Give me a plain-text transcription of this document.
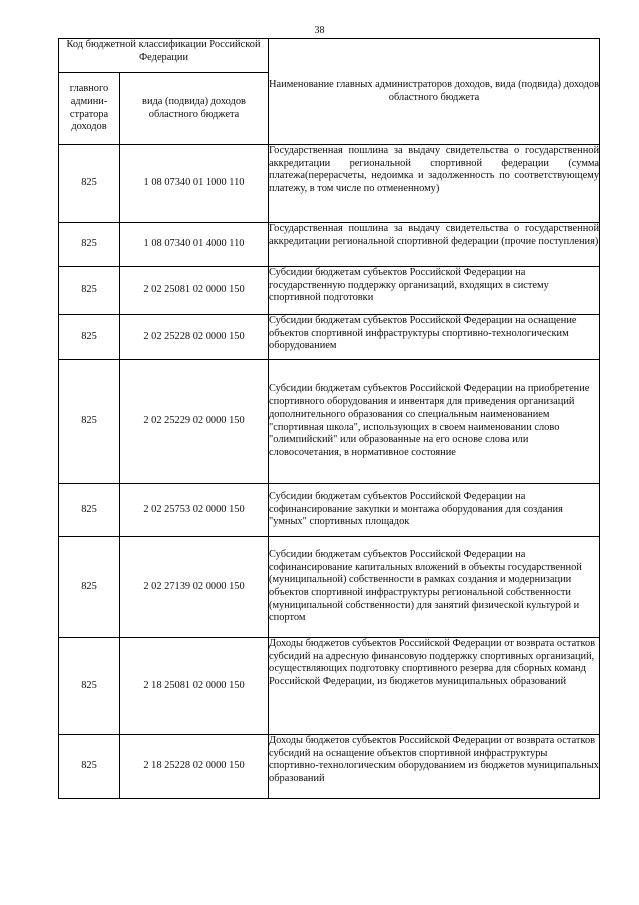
38
Код бюджетной классификации Российской Федерации		Наименование главных администраторов доходов, вида (подвида) доходов областного бюджета
главного админи-стратора доходов	вида (подвида) доходов областного бюджета	
825	1 08 07340 01 1000 110	Государственная пошлина за выдачу свидетельства о государственной аккредитации региональной спортивной федерации (сумма платежа(перерасчеты, недоимка и задолженность по соответствующему платежу, в том числе по отмененному)
825	1 08 07340 01 4000 110	Государственная пошлина за выдачу свидетельства о государственной аккредитации региональной спортивной федерации (прочие поступления)
825	2 02 25081 02 0000 150	Субсидии бюджетам субъектов Российской Федерации на государственную поддержку организаций, входящих в систему спортивной подготовки
825	2 02 25228 02 0000 150	Субсидии бюджетам субъектов Российской Федерации на оснащение объектов спортивной инфраструктуры спортивно-технологическим оборудованием
825	2 02 25229 02 0000 150	Субсидии бюджетам субъектов Российской Федерации на приобретение спортивного оборудования и инвентаря для приведения организаций дополнительного образования со специальным наименованием "спортивная школа", использующих в своем наименовании слово "олимпийский" или образованные на его основе слова или словосочетания, в нормативное состояние
825	2 02 25753 02 0000 150	Субсидии бюджетам субъектов Российской Федерации на софинансирование закупки и монтажа оборудования для создания "умных" спортивных площадок
825	2 02 27139 02 0000 150	Субсидии бюджетам субъектов Российской Федерации на софинансирование капитальных вложений в объекты государственной (муниципальной) собственности в рамках создания и модернизации объектов спортивной инфраструктуры региональной собственности (муниципальной собственности) для занятий физической культурой и спортом
825	2 18 25081 02 0000 150	Доходы бюджетов субъектов Российской Федерации от возврата остатков субсидий на адресную финансовую поддержку спортивных организаций, осуществляющих подготовку спортивного резерва для сборных команд Российской Федерации, из бюджетов муниципальных образований
825	2 18 25228 02 0000 150	Доходы бюджетов субъектов Российской Федерации от возврата остатков субсидий на оснащение объектов спортивной инфраструктуры спортивно-технологическим оборудованием из бюджетов муниципальных образований
